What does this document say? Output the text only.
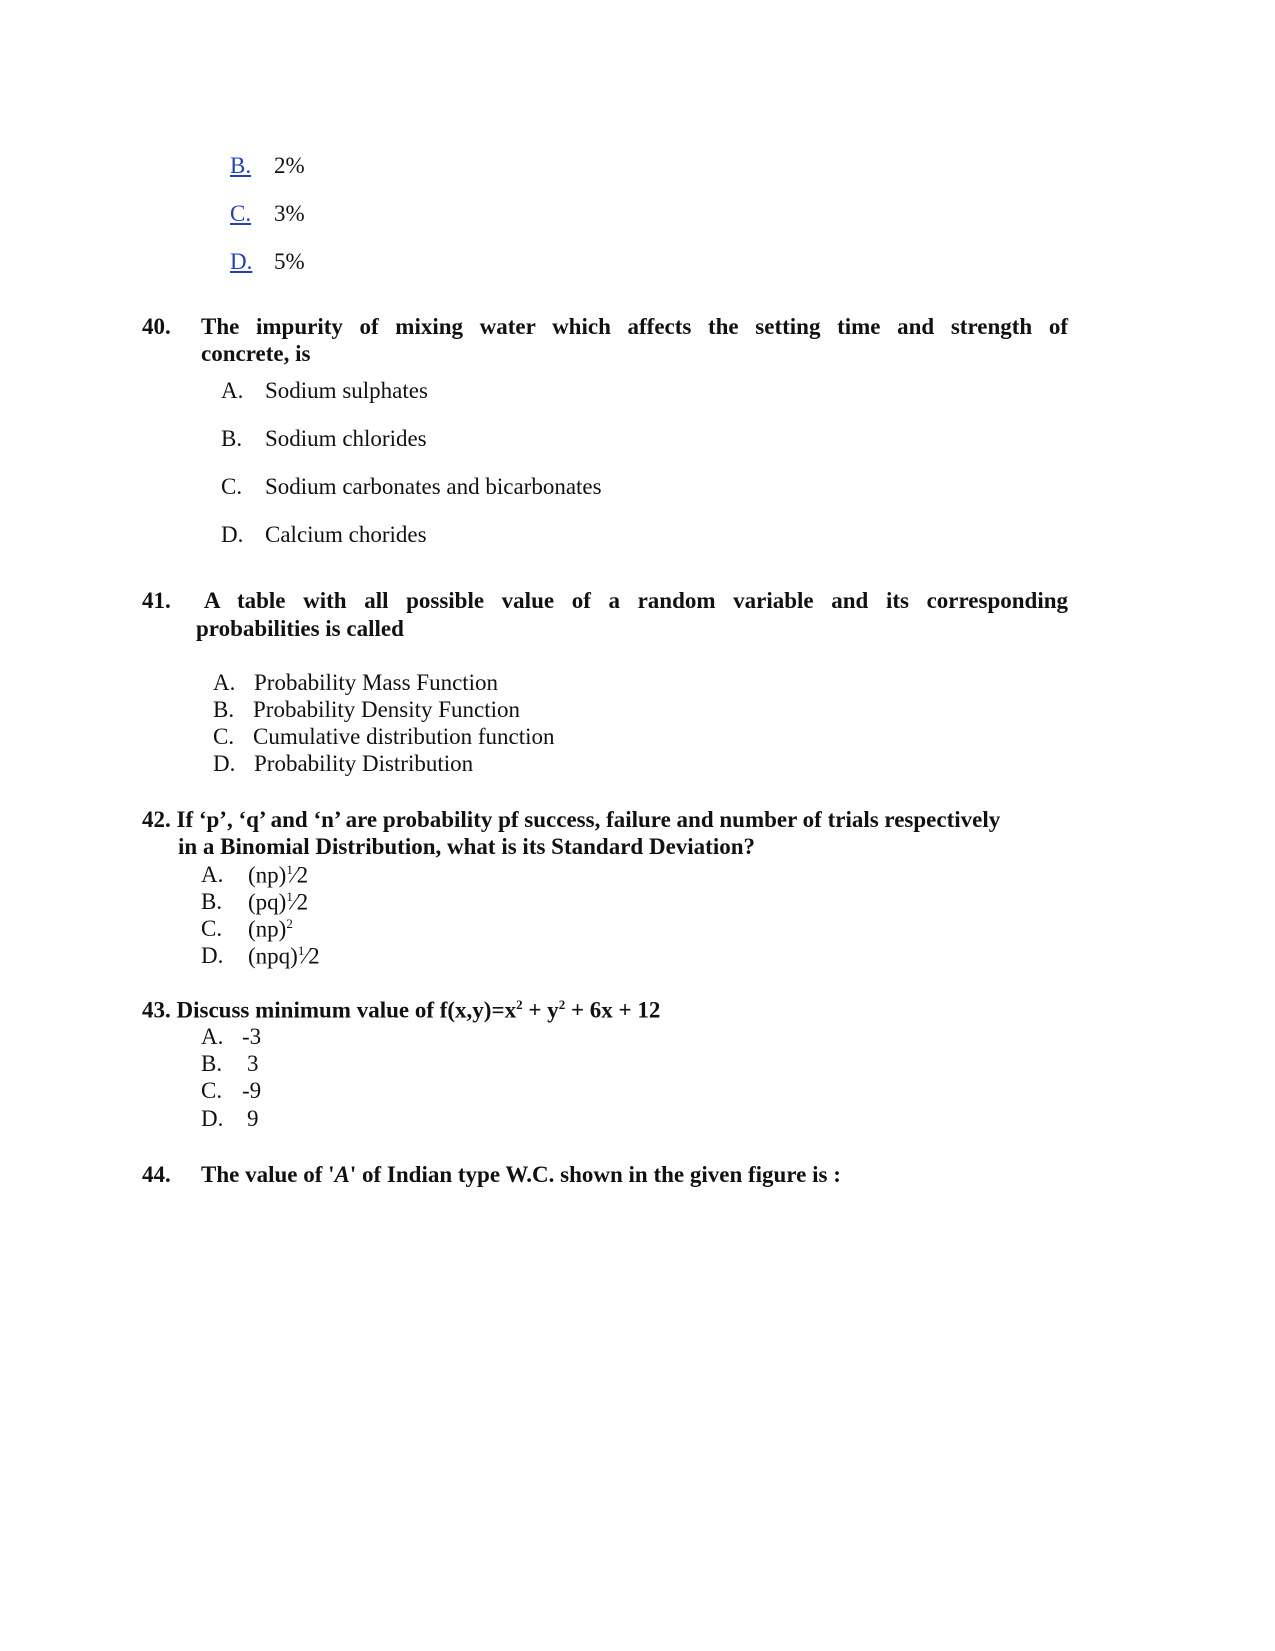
B. 2%
C. 3%
D. 5%
40. The impurity of mixing water which affects the setting time and strength of
concrete, is
A. Sodium sulphates
B. Sodium chlorides
C. Sodium carbonates and bicarbonates
D. Calcium chorides
41. A table with all possible value of a random variable and its corresponding
probabilities is called
A. Probability Mass Function
B. Probability Density Function
C. Cumulative distribution function
D. Probability Distribution
42. If ‘p’, ‘q’ and ‘n’ are probability pf success, failure and number of trials respectively
in a Binomial Distribution, what is its Standard Deviation?
A. (np)$^1$⁄2
B. (pq)$^1$⁄2
C. (np)$^2$
D. (npq)$^1$⁄2
43. Discuss minimum value of $f(x,y)=x^2 + y^2 + 6x + 12$
A. -3
B. 3
C. -9
D. 9
44. The value of 'A' of Indian type W.C. shown in the given figure is :
